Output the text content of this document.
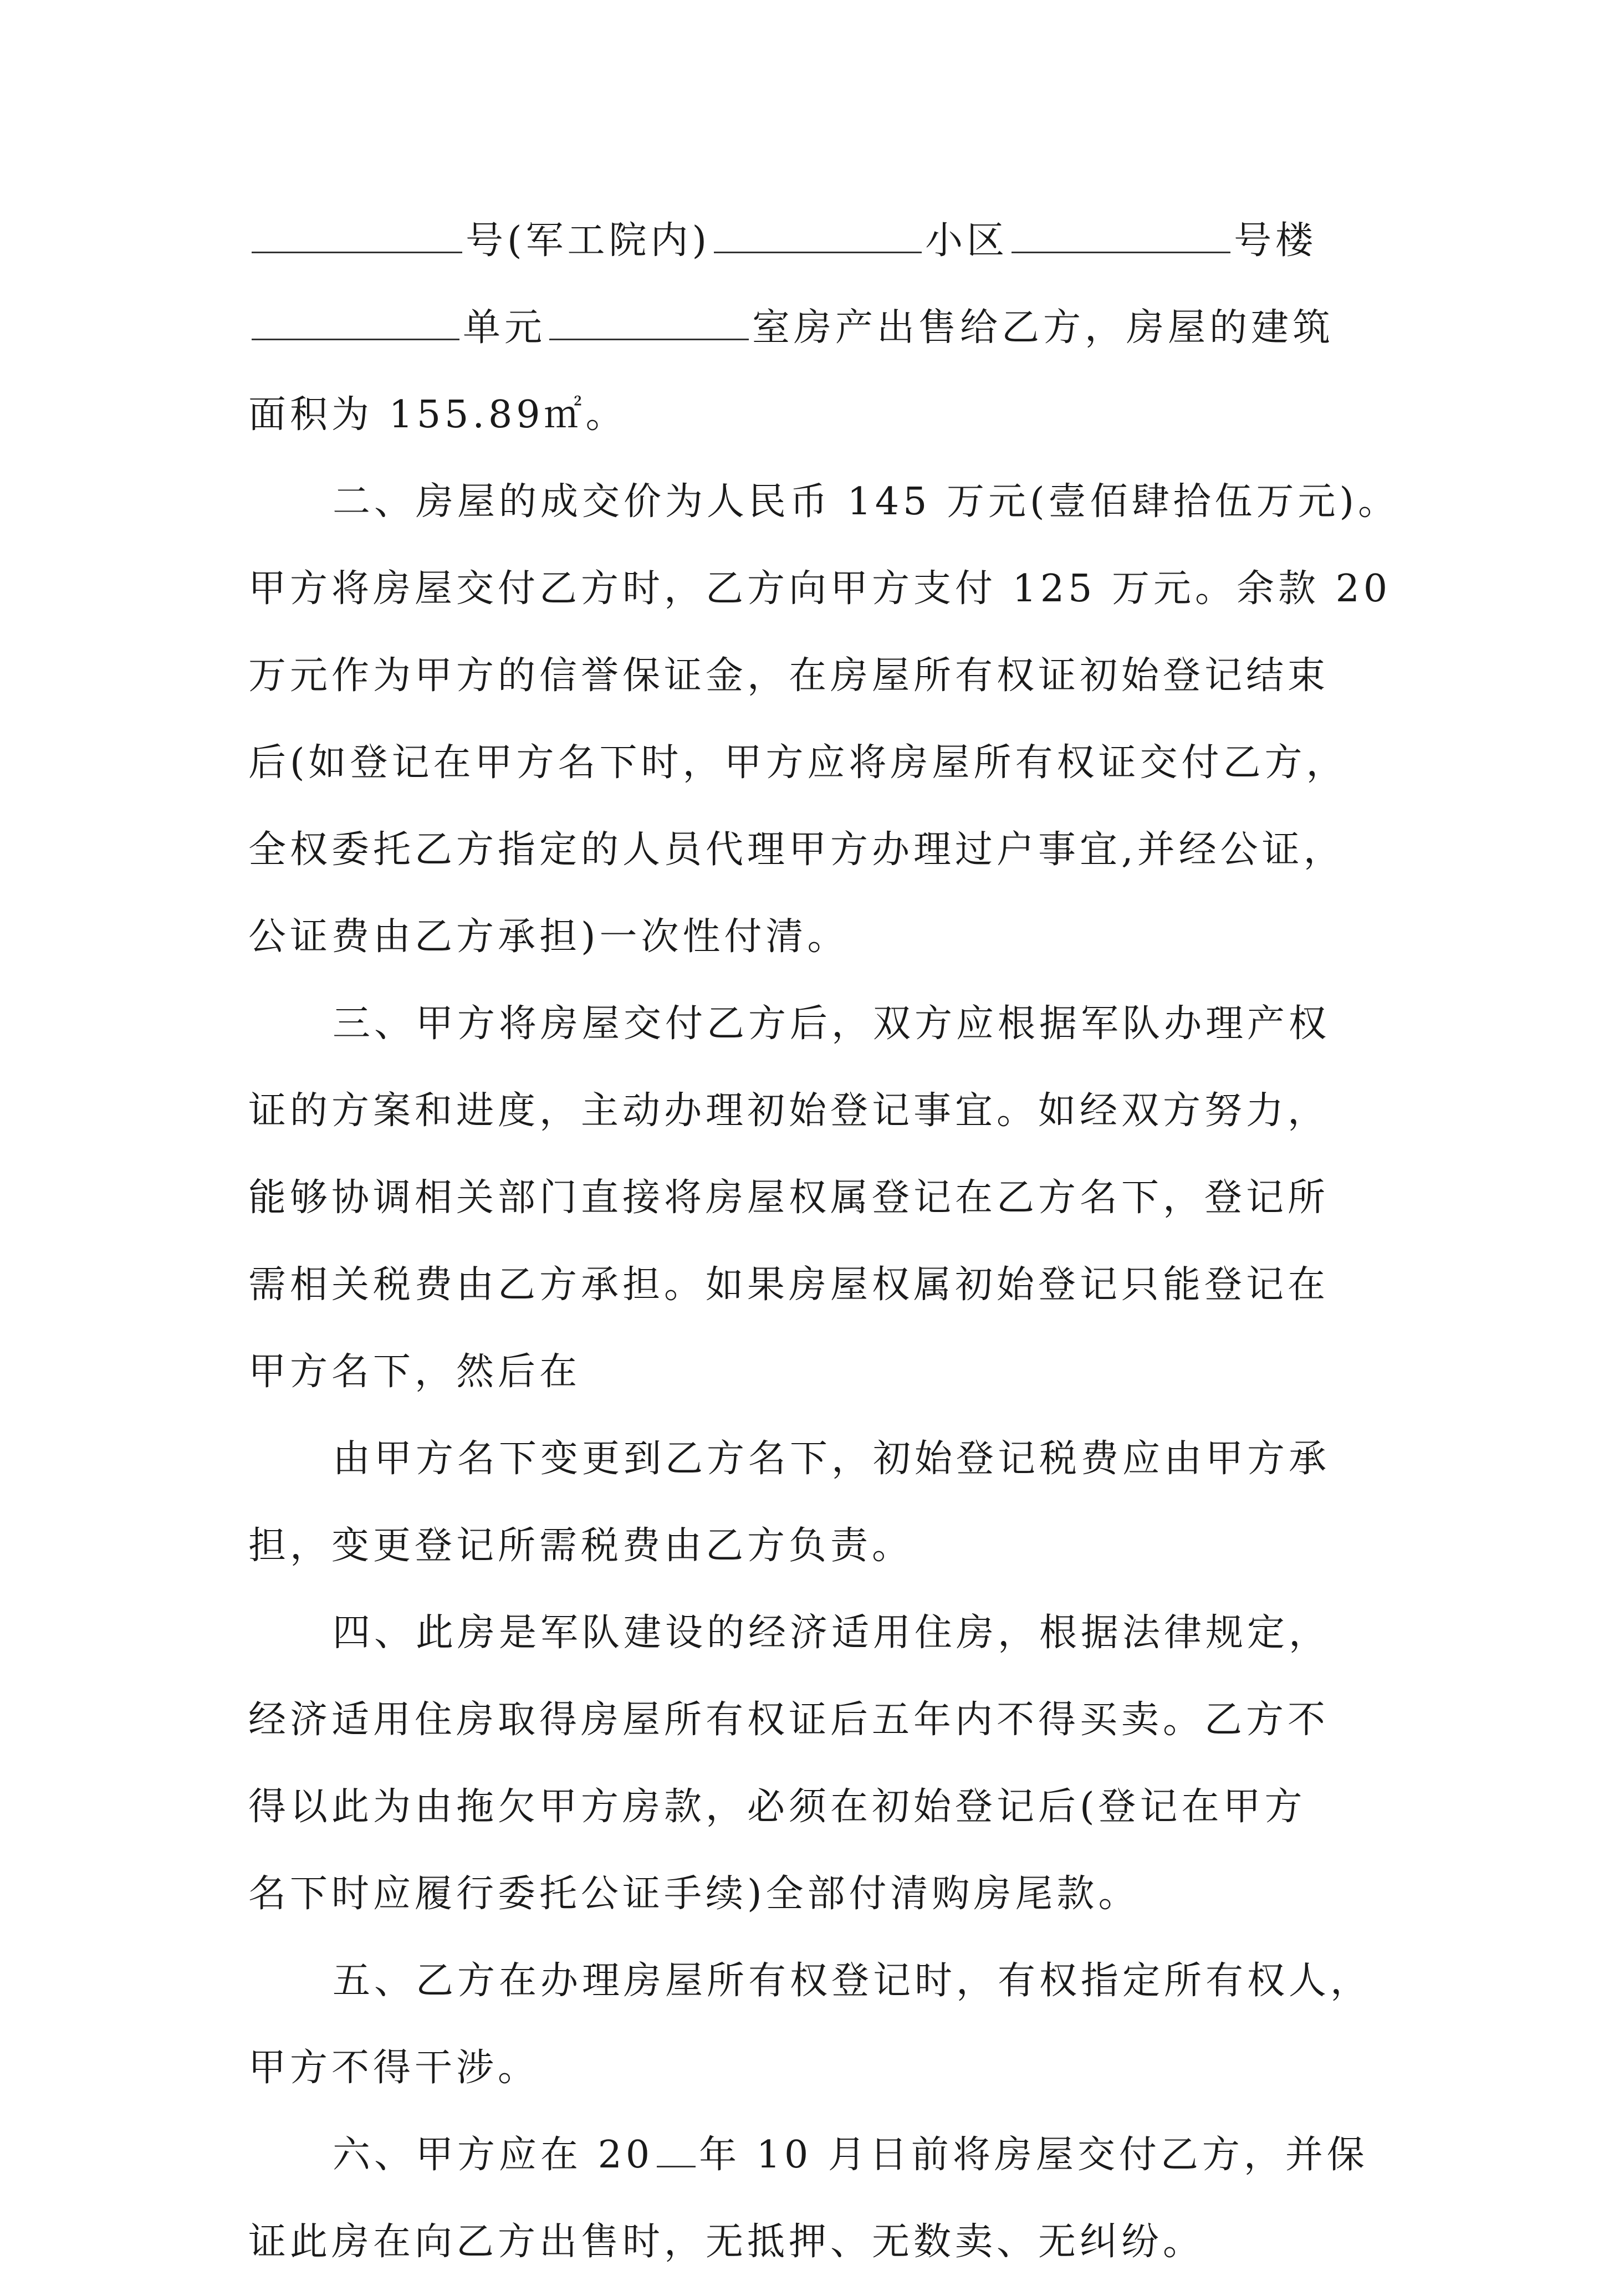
号(军工院内)	小区	号楼
单元	室房产出售给乙方，房屋的建筑
面积为 155.89㎡。
二、房屋的成交价为人民币 145 万元(壹佰肆拾伍万元)。
甲方将房屋交付乙方时，乙方向甲方支付 125 万元。余款 20
万元作为甲方的信誉保证金，在房屋所有权证初始登记结束
后(如登记在甲方名下时，甲方应将房屋所有权证交付乙方，
全权委托乙方指定的人员代理甲方办理过户事宜,并经公证，
公证费由乙方承担)一次性付清。
三、甲方将房屋交付乙方后，双方应根据军队办理产权
证的方案和进度，主动办理初始登记事宜。如经双方努力，
能够协调相关部门直接将房屋权属登记在乙方名下，登记所
需相关税费由乙方承担。如果房屋权属初始登记只能登记在
甲方名下，然后在
由甲方名下变更到乙方名下，初始登记税费应由甲方承
担，变更登记所需税费由乙方负责。
四、此房是军队建设的经济适用住房，根据法律规定，
经济适用住房取得房屋所有权证后五年内不得买卖。乙方不
得以此为由拖欠甲方房款，必须在初始登记后(登记在甲方
名下时应履行委托公证手续)全部付清购房尾款。
五、乙方在办理房屋所有权登记时，有权指定所有权人，
甲方不得干涉。
六、甲方应在 20 年 10 月日前将房屋交付乙方，并保
证此房在向乙方出售时，无抵押、无数卖、无纠纷。
